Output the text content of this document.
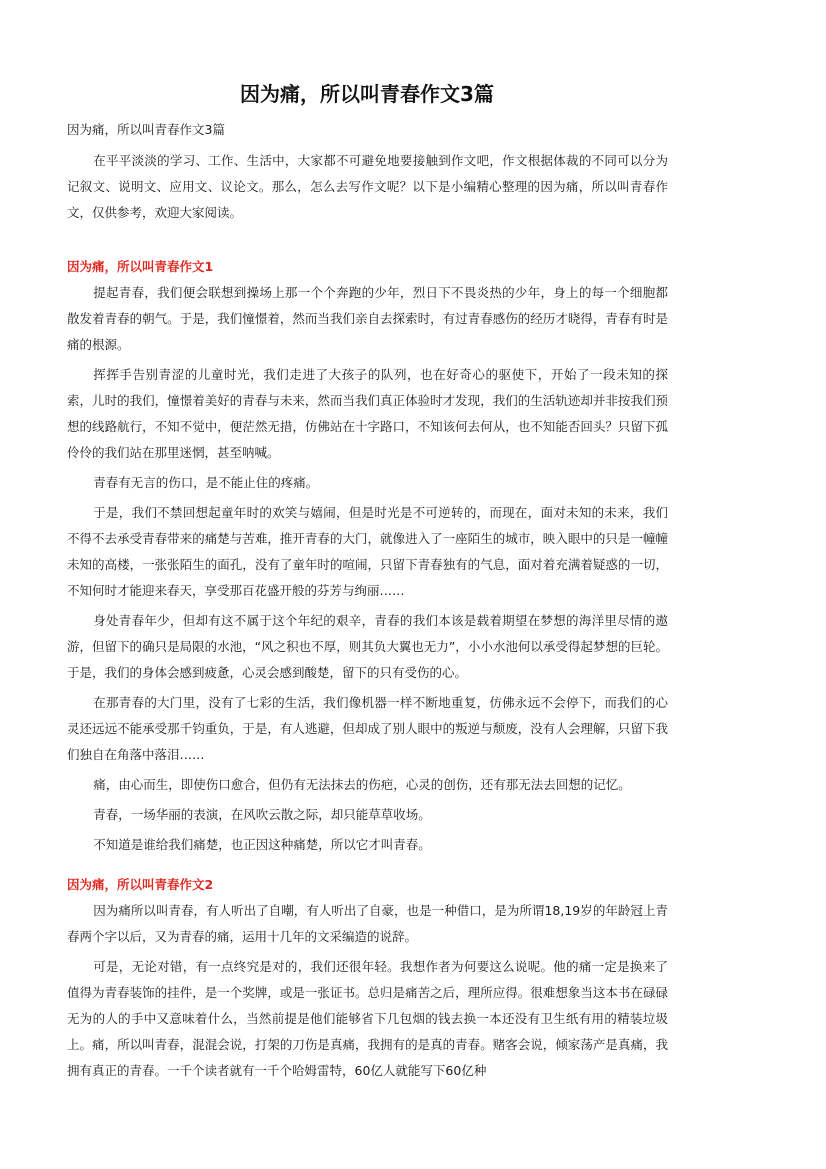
因为痛，所以叫青春作文3篇
因为痛，所以叫青春作文3篇

在平平淡淡的学习、工作、生活中，大家都不可避免地要接触到作文吧，作文根据体裁的不同可以分为记叙文、说明文、应用文、议论文。那么，怎么去写作文呢？以下是小编精心整理的因为痛，所以叫青春作文，仅供参考，欢迎大家阅读。

因为痛，所以叫青春作文1

提起青春，我们便会联想到操场上那一个个奔跑的少年，烈日下不畏炎热的少年，身上的每一个细胞都散发着青春的朝气。于是，我们憧憬着，然而当我们亲自去探索时，有过青春感伤的经历才晓得，青春有时是痛的根源。

挥挥手告别青涩的儿童时光，我们走进了大孩子的队列，也在好奇心的驱使下，开始了一段未知的探索，儿时的我们，憧憬着美好的青春与未来，然而当我们真正体验时才发现，我们的生活轨迹却并非按我们预想的线路航行，不知不觉中，便茫然无措，仿佛站在十字路口，不知该何去何从，也不知能否回头？只留下孤伶伶的我们站在那里迷惘，甚至呐喊。

青春有无言的伤口，是不能止住的疼痛。

于是，我们不禁回想起童年时的欢笑与嬉闹，但是时光是不可逆转的，而现在，面对未知的未来，我们不得不去承受青春带来的痛楚与苦难，推开青春的大门，就像进入了一座陌生的城市，映入眼中的只是一幢幢未知的高楼，一张张陌生的面孔，没有了童年时的喧闹，只留下青春独有的气息，面对着充满着疑惑的一切，不知何时才能迎来春天，享受那百花盛开般的芬芳与绚丽……

身处青春年少，但却有这不属于这个年纪的艰辛，青春的我们本该是载着期望在梦想的海洋里尽情的遨游，但留下的确只是局限的水池，“风之积也不厚，则其负大翼也无力”，小小水池何以承受得起梦想的巨轮。于是，我们的身体会感到疲惫，心灵会感到酸楚，留下的只有受伤的心。

在那青春的大门里，没有了七彩的生活，我们像机器一样不断地重复，仿佛永远不会停下，而我们的心灵还远远不能承受那千钧重负，于是，有人逃避，但却成了别人眼中的叛逆与颓废，没有人会理解，只留下我们独自在角落中落泪……

痛，由心而生，即使伤口愈合，但仍有无法抹去的伤疤，心灵的创伤，还有那无法去回想的记忆。

青春，一场华丽的表演，在风吹云散之际，却只能草草收场。

不知道是谁给我们痛楚，也正因这种痛楚，所以它才叫青春。

因为痛，所以叫青春作文2

因为痛所以叫青春，有人听出了自嘲，有人听出了自豪，也是一种借口，是为所谓18,19岁的年龄冠上青春两个字以后，又为青春的痛，运用十几年的文采编造的说辞。

可是，无论对错，有一点终究是对的，我们还很年轻。我想作者为何要这么说呢。他的痛一定是换来了值得为青春装饰的挂件，是一个奖牌，或是一张证书。总归是痛苦之后，理所应得。很难想象当这本书在碌碌无为的人的手中又意味着什么，当然前提是他们能够省下几包烟的钱去换一本还没有卫生纸有用的精装垃圾上。痛，所以叫青春，混混会说，打架的刀伤是真痛，我拥有的是真的青春。赌客会说，倾家荡产是真痛，我拥有真正的青春。一千个读者就有一千个哈姆雷特，60亿人就能写下60亿种
